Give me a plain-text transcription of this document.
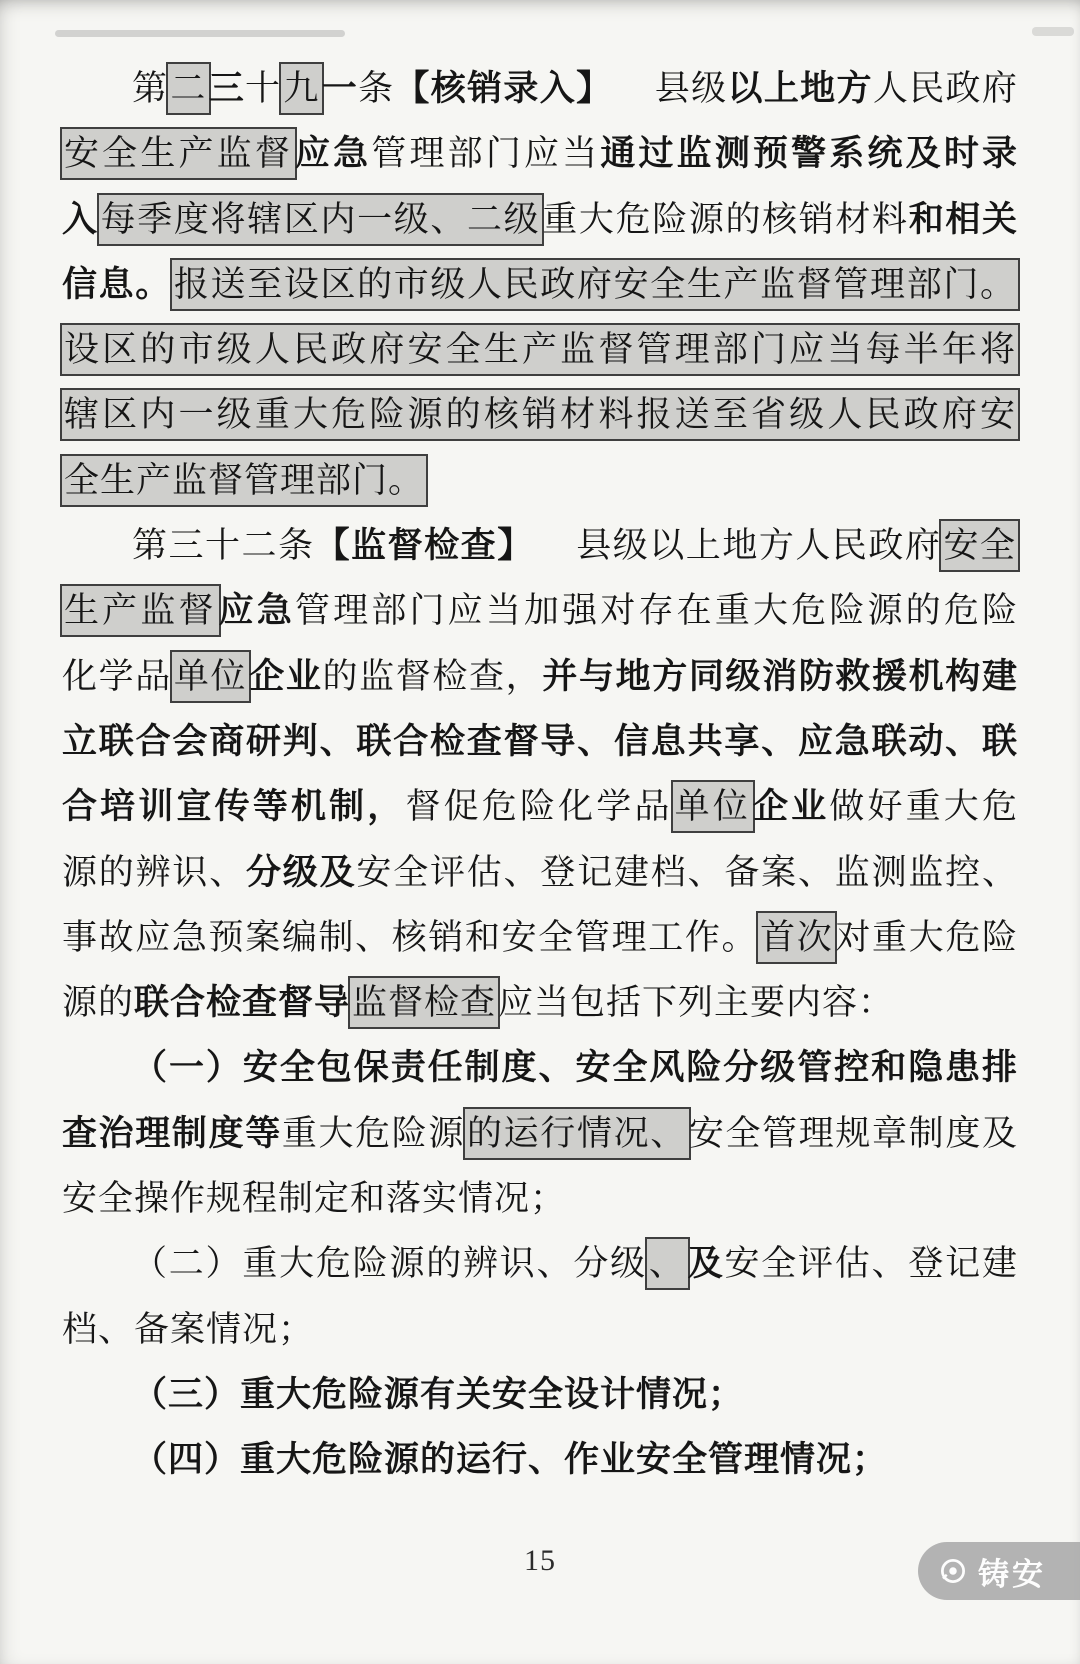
第二三十九一条【核销录入】 县级以上地方人民政府
安全生产监督应急管理部门应当通过监测预警系统及时录
入每季度将辖区内一级、二级重大危险源的核销材料和相关
信息。报送至设区的市级人民政府安全生产监督管理部门。
设区的市级人民政府安全生产监督管理部门应当每半年将
辖区内一级重大危险源的核销材料报送至省级人民政府安
全生产监督管理部门。
第三十二条【监督检查】 县级以上地方人民政府安全
生产监督应急管理部门应当加强对存在重大危险源的危险
化学品单位企业的监督检查，并与地方同级消防救援机构建
立联合会商研判、联合检查督导、信息共享、应急联动、联
合培训宣传等机制，督促危险化学品单位企业做好重大危
源的辨识、分级及安全评估、登记建档、备案、监测监控、
事故应急预案编制、核销和安全管理工作。首次对重大危险
源的联合检查督导监督检查应当包括下列主要内容：
（一）安全包保责任制度、安全风险分级管控和隐患排
查治理制度等重大危险源的运行情况、安全管理规章制度及
安全操作规程制定和落实情况；
（二）重大危险源的辨识、分级、及安全评估、登记建
档、备案情况；
（三）重大危险源有关安全设计情况；
（四）重大危险源的运行、作业安全管理情况；
15	铸安
